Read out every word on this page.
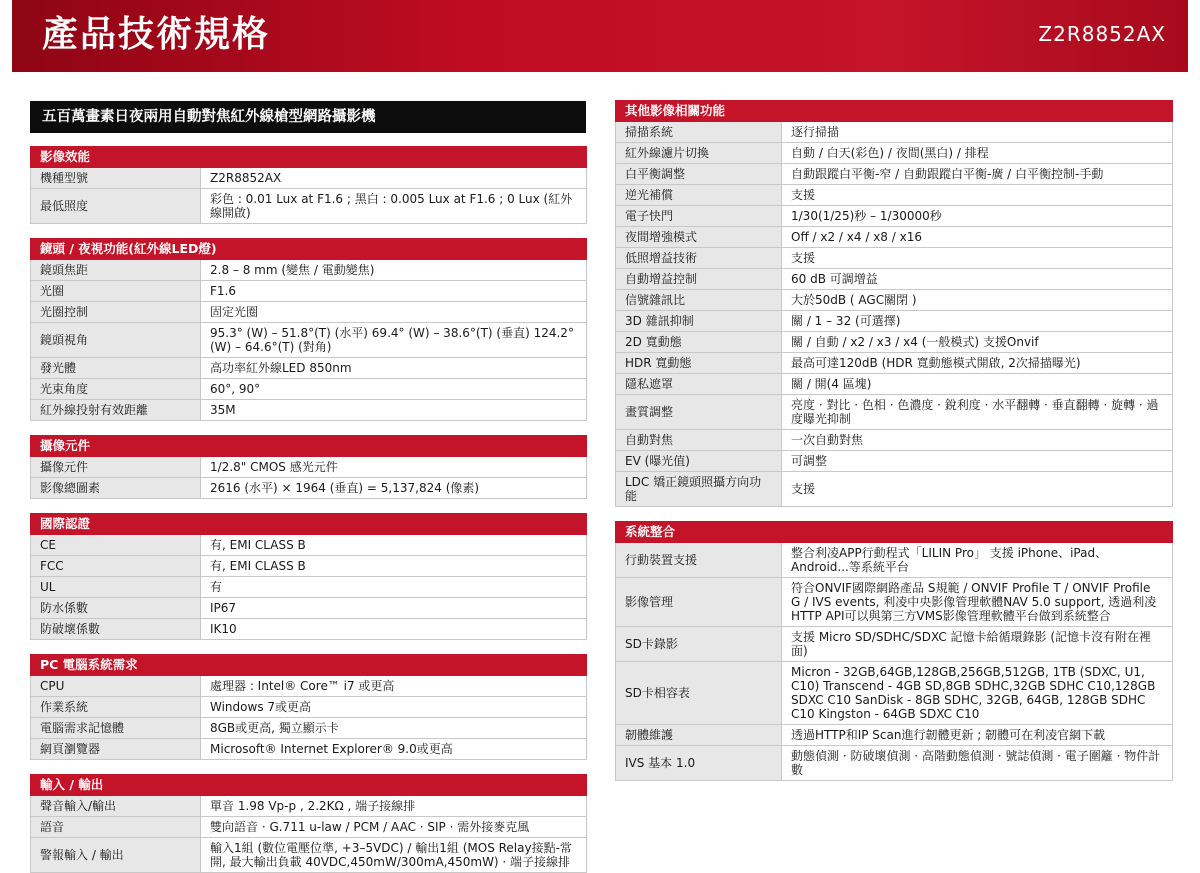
產品技術規格	Z2R8852AX
五百萬畫素日夜兩用自動對焦紅外線槍型網路攝影機
影像效能	
機種型號	Z2R8852AX
最低照度	彩色 : 0.01 Lux at F1.6 ; 黑白 : 0.005 Lux at F1.6 ; 0 Lux (紅外線開啟)
鏡頭 / 夜視功能(紅外線LED燈)	
鏡頭焦距	2.8 – 8 mm (變焦 / 電動變焦)
光圈	F1.6
光圈控制	固定光圈
鏡頭視角	95.3° (W) – 51.8°(T) (水平) 69.4° (W) – 38.6°(T) (垂直) 124.2° (W) – 64.6°(T) (對角)
發光體	高功率紅外線LED 850nm
光束角度	60°, 90°
紅外線投射有效距離	35M
攝像元件	
攝像元件	1/2.8" CMOS 感光元件
影像總圖素	2616 (水平) × 1964 (垂直) = 5,137,824 (像素)
國際認證	
CE	有, EMI CLASS B
FCC	有, EMI CLASS B
UL	有
防水係數	IP67
防破壞係數	IK10
PC 電腦系統需求	
CPU	處理器 : Intel® Core™ i7 或更高
作業系統	Windows 7或更高
電腦需求記憶體	8GB或更高, 獨立顯示卡
網頁瀏覽器	Microsoft® Internet Explorer® 9.0或更高
輸入 / 輸出	
聲音輸入/輸出	單音 1.98 Vp-p , 2.2KΩ , 端子接線排
語音	雙向語音 · G.711 u-law / PCM / AAC · SIP · 需外接麥克風
警報輸入 / 輸出	輸入1組 (數位電壓位準, +3–5VDC) / 輸出1組 (MOS Relay接點-常開, 最大輸出負載 40VDC,450mW/300mA,450mW) · 端子接線排
其他影像相關功能	
掃描系統	逐行掃描
紅外線濾片切換	自動 / 白天(彩色) / 夜間(黑白) / 排程
白平衡調整	自動跟蹤白平衡-窄 / 自動跟蹤白平衡-廣 / 白平衡控制-手動
逆光補償	支援
電子快門	1/30(1/25)秒 – 1/30000秒
夜間增強模式	Off / x2 / x4 / x8 / x16
低照增益技術	支援
自動增益控制	60 dB 可調增益
信號雜訊比	大於50dB ( AGC關閉 )
3D 雜訊抑制	關 / 1 – 32 (可選擇)
2D 寬動態	關 / 自動 / x2 / x3 / x4 (一般模式) 支援Onvif
HDR 寬動態	最高可達120dB (HDR 寬動態模式開啟, 2次掃描曝光)
隱私遮罩	關 / 開(4 區塊)
畫質調整	亮度 · 對比 · 色相 · 色濃度 · 銳利度 · 水平翻轉 · 垂直翻轉 · 旋轉 · 過度曝光抑制
自動對焦	一次自動對焦
EV (曝光值)	可調整
LDC 矯正鏡頭照攝方向功能	支援
系統整合	
行動裝置支援	整合利凌APP行動程式「LILIN Pro」 支援 iPhone、iPad、Android...等系統平台
影像管理	符合ONVIF國際網路產品 S規範 / ONVIF Profile T / ONVIF Profile G / IVS events, 利凌中央影像管理軟體NAV 5.0 support, 透過利凌HTTP API可以與第三方VMS影像管理軟體平台做到系統整合
SD卡錄影	支援 Micro SD/SDHC/SDXC 記憶卡給循環錄影 (記憶卡沒有附在裡面)
SD卡相容表	Micron - 32GB,64GB,128GB,256GB,512GB, 1TB (SDXC, U1, C10) Transcend - 4GB SD,8GB SDHC,32GB SDHC C10,128GB SDXC C10 SanDisk - 8GB SDHC, 32GB, 64GB, 128GB SDHC C10 Kingston - 64GB SDXC C10
韌體維護	透過HTTP和IP Scan進行韌體更新 ; 韌體可在利凌官網下載
IVS 基本 1.0	動態偵測 · 防破壞偵測 · 高階動態偵測 · 號誌偵測 · 電子圍籬 · 物件計數
